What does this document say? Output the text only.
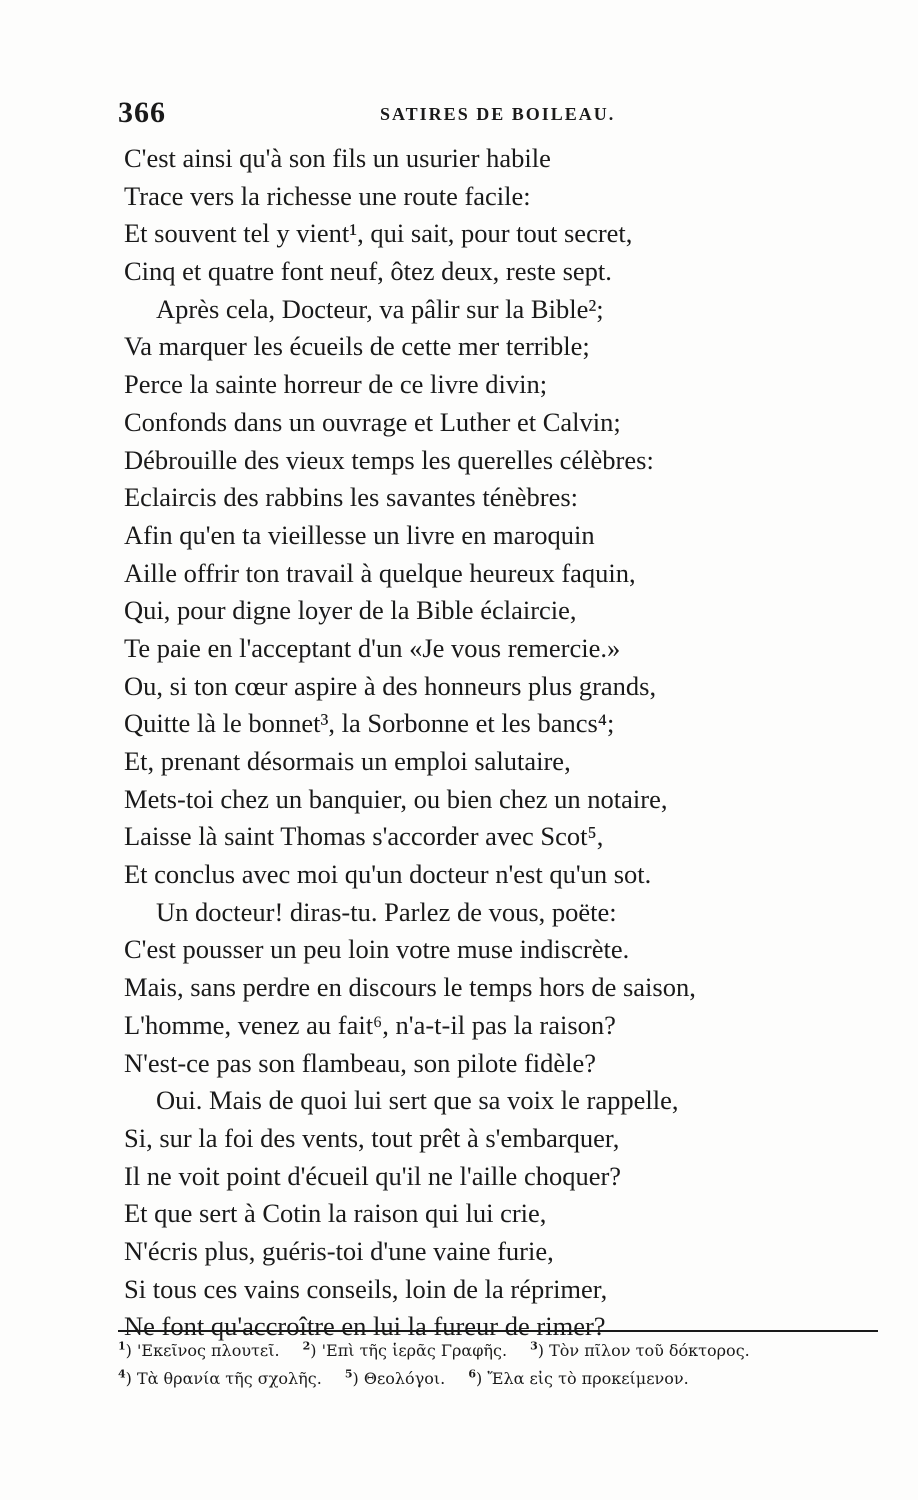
366	SATIRES DE BOILEAU.
C'est ainsi qu'à son fils un usurier habile
Trace vers la richesse une route facile:
Et souvent tel y vient¹, qui sait, pour tout secret,
Cinq et quatre font neuf, ôtez deux, reste sept.
Après cela, Docteur, va pâlir sur la Bible²;
Va marquer les écueils de cette mer terrible;
Perce la sainte horreur de ce livre divin;
Confonds dans un ouvrage et Luther et Calvin;
Débrouille des vieux temps les querelles célèbres:
Eclaircis des rabbins les savantes ténèbres:
Afin qu'en ta vieillesse un livre en maroquin
Aille offrir ton travail à quelque heureux faquin,
Qui, pour digne loyer de la Bible éclaircie,
Te paie en l'acceptant d'un «Je vous remercie.»
Ou, si ton cœur aspire à des honneurs plus grands,
Quitte là le bonnet³, la Sorbonne et les bancs⁴;
Et, prenant désormais un emploi salutaire,
Mets-toi chez un banquier, ou bien chez un notaire,
Laisse là saint Thomas s'accorder avec Scot⁵,
Et conclus avec moi qu'un docteur n'est qu'un sot.
Un docteur! diras-tu. Parlez de vous, poëte:
C'est pousser un peu loin votre muse indiscrète.
Mais, sans perdre en discours le temps hors de saison,
L'homme, venez au fait⁶, n'a-t-il pas la raison?
N'est-ce pas son flambeau, son pilote fidèle?
Oui. Mais de quoi lui sert que sa voix le rappelle,
Si, sur la foi des vents, tout prêt à s'embarquer,
Il ne voit point d'écueil qu'il ne l'aille choquer?
Et que sert à Cotin la raison qui lui crie,
N'écris plus, guéris-toi d'une vaine furie,
Si tous ces vains conseils, loin de la réprimer,
Ne font qu'accroître en lui la fureur de rimer?
$^1$) 'Εκεῖνος πλουτεῖ. $^2$) 'Επὶ τῆς ἱερᾶς Γραφῆς. $^3$) Τὸν πῖλον τοῦ δόκτορος.
$^4$) Τὰ θρανία τῆς σχολῆς. $^5$) Θεολόγοι. $^6$) Ἔλα εἰς τὸ προκείμενον.
